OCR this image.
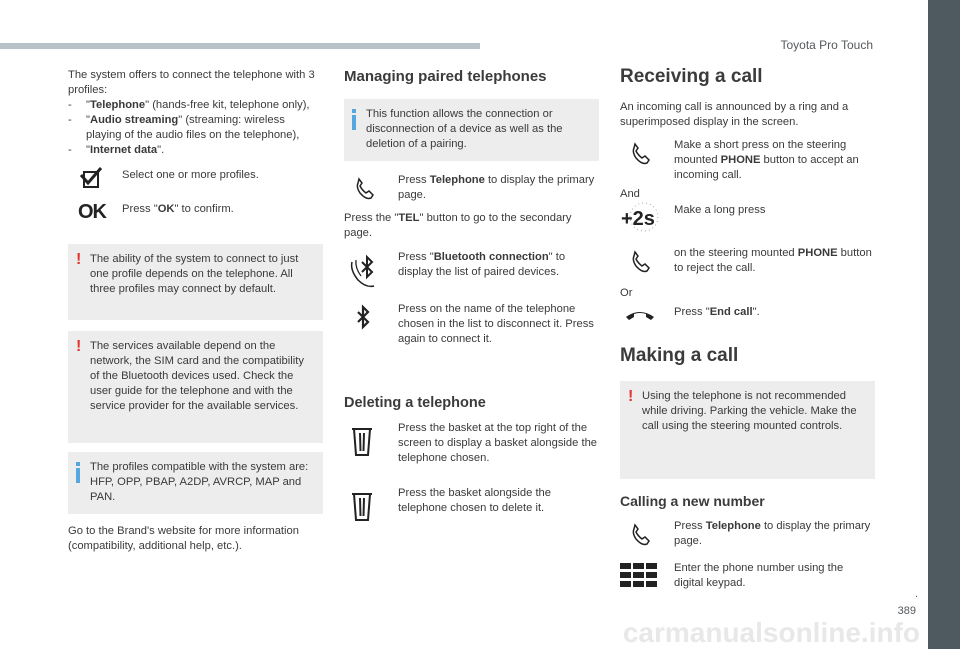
Toyota Pro Touch
.
389
carmanualsonline.info

The system offers to connect the telephone with 3 profiles:

-	"Telephone" (hands-free kit, telephone only),

-	"Audio streaming" (streaming: wireless playing of the audio files on the telephone),

-	"Internet data".

Select one or more profiles.

OK Press "OK" to confirm.

! The ability of the system to connect to just one profile depends on the telephone. All three profiles may connect by default.

! The services available depend on the network, the SIM card and the compatibility of the Bluetooth devices used. Check the user guide for the telephone and with the service provider for the available services.

The profiles compatible with the system are: HFP, OPP, PBAP, A2DP, AVRCP, MAP and PAN.

Go to the Brand's website for more information (compatibility, additional help, etc.).

Managing paired telephones

This function allows the connection or disconnection of a device as well as the deletion of a pairing.

Press Telephone to display the primary page.

Press the "TEL" button to go to the secondary page.

Press "Bluetooth connection" to display the list of paired devices.

Press on the name of the telephone chosen in the list to disconnect it. Press again to connect it.

Deleting a telephone

Press the basket at the top right of the screen to display a basket alongside the telephone chosen.

Press the basket alongside the telephone chosen to delete it.

Receiving a call

An incoming call is announced by a ring and a superimposed display in the screen.

Make a short press on the steering mounted PHONE button to accept an incoming call.

And

+2s Make a long press

on the steering mounted PHONE button to reject the call.

Or

Press "End call".

Making a call
! Using the telephone is not recommended while driving. Parking the vehicle. Make the call using the steering mounted controls.

Calling a new number

Press Telephone to display the primary page.

Enter the phone number using the digital keypad.
